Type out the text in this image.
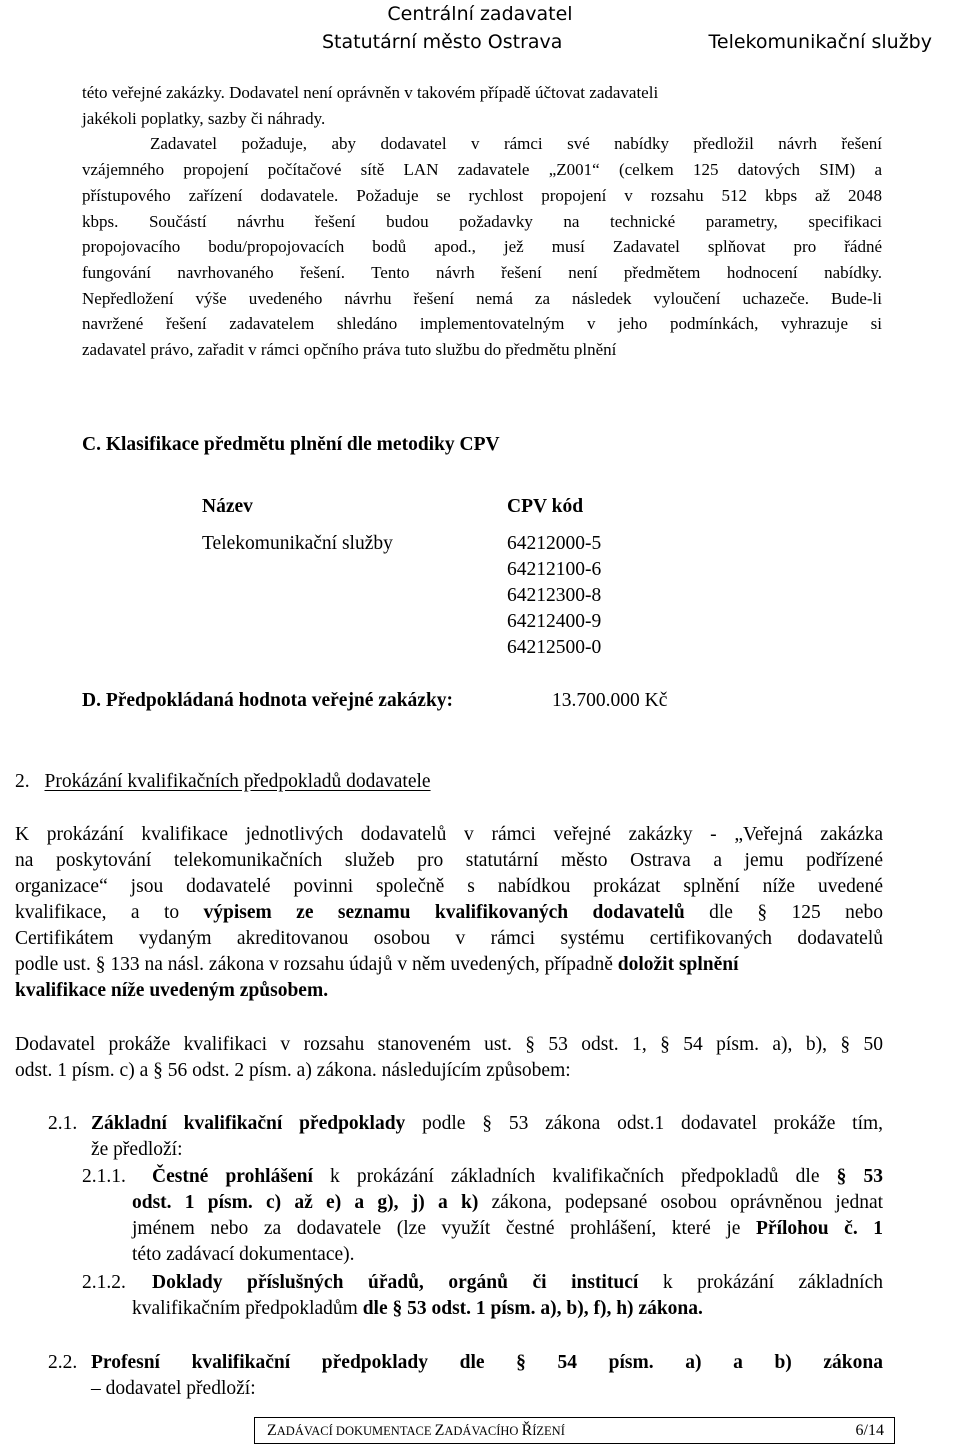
Centrální zadavatel
Statutární město Ostrava	Telekomunikační služby
této veřejné zakázky. Dodavatel není oprávněn v takovém případě účtovat zadavateli
jakékoli poplatky, sazby či náhrady.
Zadavatel požaduje, aby dodavatel v rámci své nabídky předložil návrh řešení
vzájemného propojení počítačové sítě LAN zadavatele „Z001“ (celkem 125 datových SIM) a
přístupového zařízení dodavatele. Požaduje se rychlost propojení v rozsahu 512 kbps až 2048
kbps. Součástí návrhu řešení budou požadavky na technické parametry, specifikaci
propojovacího bodu/propojovacích bodů apod., jež musí Zadavatel splňovat pro řádné
fungování navrhovaného řešení. Tento návrh řešení není předmětem hodnocení nabídky.
Nepředložení výše uvedeného návrhu řešení nemá za následek vyloučení uchazeče. Bude-li
navržené řešení zadavatelem shledáno implementovatelným v jeho podmínkách, vyhrazuje si
zadavatel právo, zařadit v rámci opčního práva tuto službu do předmětu plnění
C. Klasifikace předmětu plnění dle metodiky CPV
Název	CPV kód
Telekomunikační služby	64212000-5
64212100-6
64212300-8
64212400-9
64212500-0
D. Předpokládaná hodnota veřejné zakázky:	13.700.000 Kč
2. Prokázání kvalifikačních předpokladů dodavatele
K prokázání kvalifikace jednotlivých dodavatelů v rámci veřejné zakázky - „Veřejná zakázka
na poskytování telekomunikačních služeb pro statutární město Ostrava a jemu podřízené
organizace“ jsou dodavatelé povinni společně s nabídkou prokázat splnění níže uvedené
kvalifikace, a to výpisem ze seznamu kvalifikovaných dodavatelů dle § 125 nebo
Certifikátem vydaným akreditovanou osobou v rámci systému certifikovaných dodavatelů
podle ust. § 133 na násl. zákona v rozsahu údajů v něm uvedených, případně doložit splnění
kvalifikace níže uvedeným způsobem.
Dodavatel prokáže kvalifikaci v rozsahu stanoveném ust. § 53 odst. 1, § 54 písm. a), b), § 50
odst. 1 písm. c) a § 56 odst. 2 písm. a) zákona. následujícím způsobem:
2.1. Základní kvalifikační předpoklady podle § 53 zákona odst.1 dodavatel prokáže tím,
že předloží:
2.1.1. Čestné prohlášení k prokázání základních kvalifikačních předpokladů dle § 53
odst. 1 písm. c) až e) a g), j) a k) zákona, podepsané osobou oprávněnou jednat
jménem nebo za dodavatele (lze využít čestné prohlášení, které je Přílohou č. 1
této zadávací dokumentace).
2.1.2. Doklady příslušných úřadů, orgánů či institucí k prokázání základních
kvalifikačním předpokladům dle § 53 odst. 1 písm. a), b), f), h) zákona.
2.2. Profesní kvalifikační předpoklady dle § 54 písm. a) a b) zákona
– dodavatel předloží:
ZADÁVACÍ DOKUMENTACE ZADÁVACÍHO ŘÍZENÍ	6/14
